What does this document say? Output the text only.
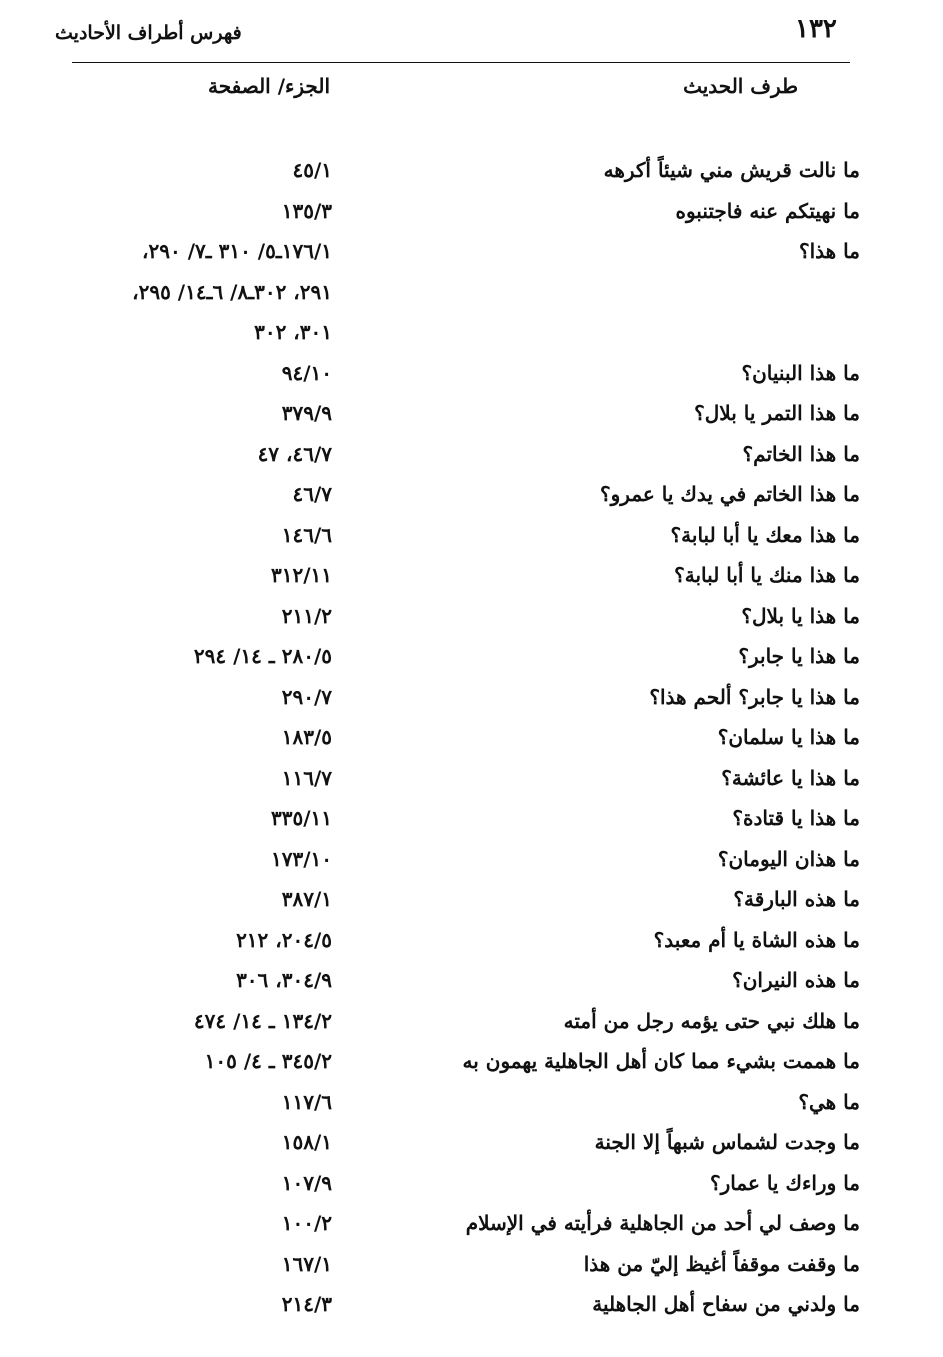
١٣٢
فهرس أطراف الأحاديث
طرف الحديث
الجزء/ الصفحة
ما نالت قريش مني شيئاً أكرهه
٤٥/١
ما نهيتكم عنه فاجتنبوه
١٣٥/٣
ما هذا؟
١٧٦/١ـ٥/ ٣١٠ ـ٧/ ٢٩٠،
٢٩١، ٣٠٢ـ٨/ ٦ـ١٤/ ٢٩٥،
٣٠١، ٣٠٢
ما هذا البنيان؟
٩٤/١٠
ما هذا التمر يا بلال؟
٣٧٩/٩
ما هذا الخاتم؟
٤٦/٧، ٤٧
ما هذا الخاتم في يدك يا عمرو؟
٤٦/٧
ما هذا معك يا أبا لبابة؟
١٤٦/٦
ما هذا منك يا أبا لبابة؟
٣١٢/١١
ما هذا يا بلال؟
٢١١/٢
ما هذا يا جابر؟
٢٨٠/٥ ـ ١٤/ ٢٩٤
ما هذا يا جابر؟ ألحم هذا؟
٢٩٠/٧
ما هذا يا سلمان؟
١٨٣/٥
ما هذا يا عائشة؟
١١٦/٧
ما هذا يا قتادة؟
٣٣٥/١١
ما هذان اليومان؟
١٧٣/١٠
ما هذه البارقة؟
٣٨٧/١
ما هذه الشاة يا أم معبد؟
٢٠٤/٥، ٢١٢
ما هذه النيران؟
٣٠٤/٩، ٣٠٦
ما هلك نبي حتى يؤمه رجل من أمته
١٣٤/٢ ـ ١٤/ ٤٧٤
ما هممت بشيء مما كان أهل الجاهلية يهمون به
٣٤٥/٢ ـ ٤/ ١٠٥
ما هي؟
١١٧/٦
ما وجدت لشماس شبهاً إلا الجنة
١٥٨/١
ما وراءك يا عمار؟
١٠٧/٩
ما وصف لي أحد من الجاهلية فرأيته في الإسلام
١٠٠/٢
ما وقفت موقفاً أغيظ إليّ من هذا
١٦٧/١
ما ولدني من سفاح أهل الجاهلية
٢١٤/٣
